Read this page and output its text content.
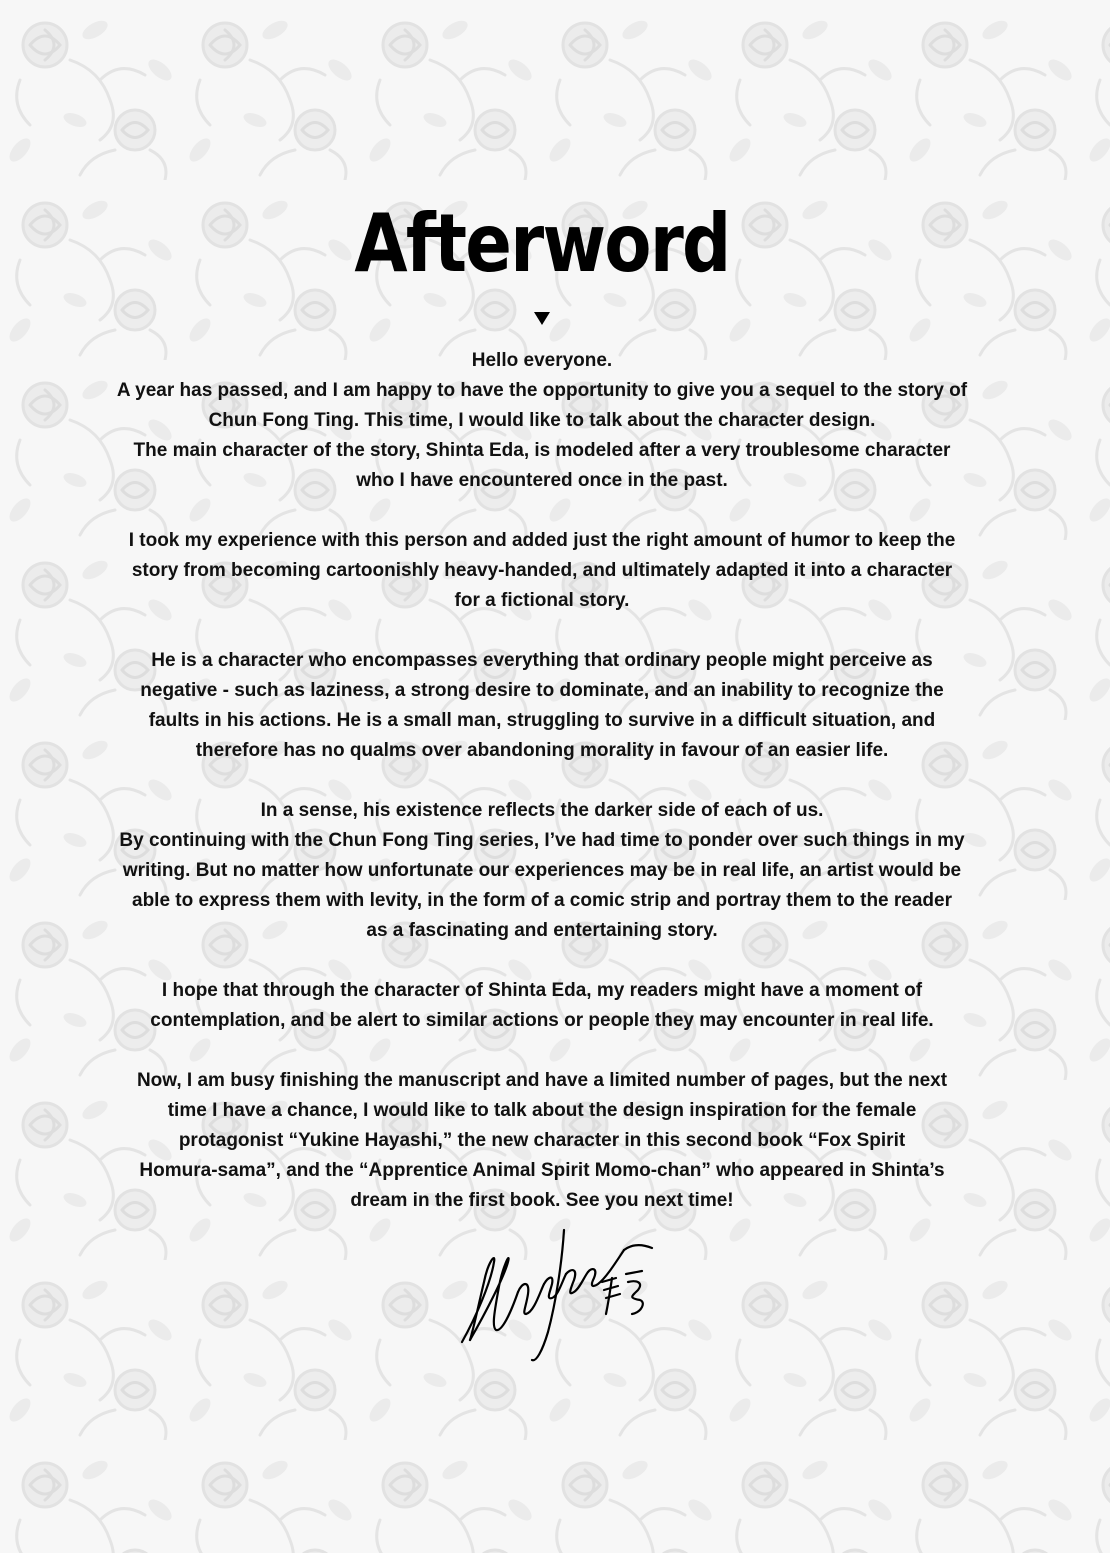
Afterword
Hello everyone.
A year has passed, and I am happy to have the opportunity to give you a sequel to the story of
Chun Fong Ting. This time, I would like to talk about the character design.
The main character of the story, Shinta Eda, is modeled after a very troublesome character
who I have encountered once in the past.
I took my experience with this person and added just the right amount of humor to keep the
story from becoming cartoonishly heavy-handed, and ultimately adapted it into a character
for a fictional story.
He is a character who encompasses everything that ordinary people might perceive as
negative - such as laziness, a strong desire to dominate, and an inability to recognize the
faults in his actions. He is a small man, struggling to survive in a difficult situation, and
therefore has no qualms over abandoning morality in favour of an easier life.
In a sense, his existence reflects the darker side of each of us.
By continuing with the Chun Fong Ting series, I’ve had time to ponder over such things in my
writing. But no matter how unfortunate our experiences may be in real life, an artist would be
able to express them with levity, in the form of a comic strip and portray them to the reader
as a fascinating and entertaining story.
I hope that through the character of Shinta Eda, my readers might have a moment of
contemplation, and be alert to similar actions or people they may encounter in real life.
Now, I am busy finishing the manuscript and have a limited number of pages, but the next
time I have a chance, I would like to talk about the design inspiration for the female
protagonist “Yukine Hayashi,” the new character in this second book “Fox Spirit
Homura-sama”, and the “Apprentice Animal Spirit Momo-chan” who appeared in Shinta’s
dream in the first book. See you next time!
